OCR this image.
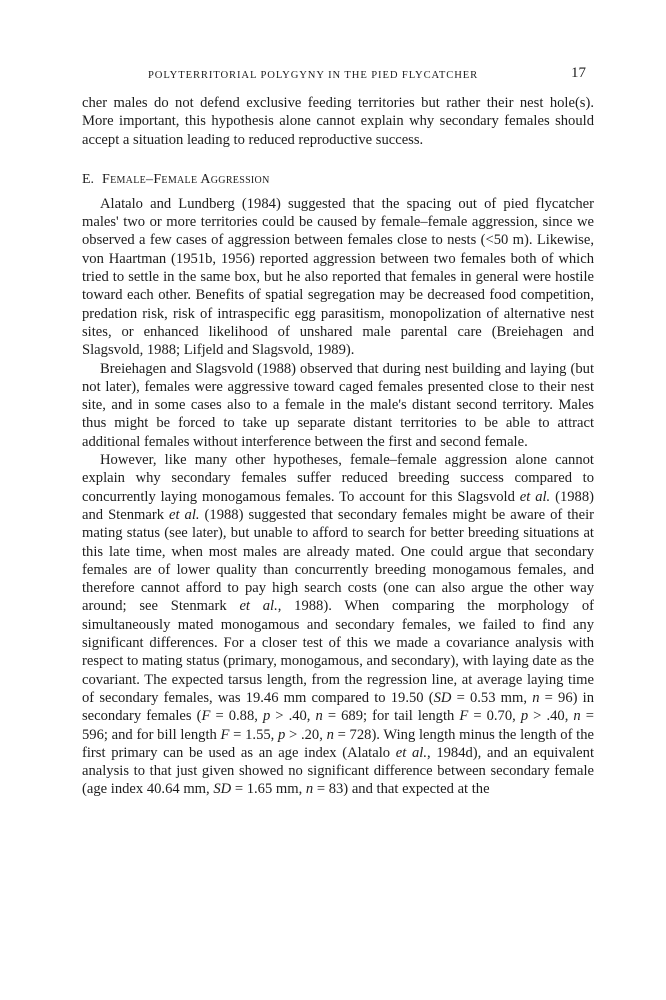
POLYTERRITORIAL POLYGYNY IN THE PIED FLYCATCHER	17

cher males do not defend exclusive feeding territories but rather their nest hole(s). More important, this hypothesis alone cannot explain why secondary females should accept a situation leading to reduced reproductive success.

E. Female–Female Aggression

Alatalo and Lundberg (1984) suggested that the spacing out of pied flycatcher males' two or more territories could be caused by female–female aggression, since we observed a few cases of aggression between females close to nests (<50 m). Likewise, von Haartman (1951b, 1956) reported aggression between two females both of which tried to settle in the same box, but he also reported that females in general were hostile toward each other. Benefits of spatial segregation may be decreased food competition, predation risk, risk of intraspecific egg parasitism, monopolization of alternative nest sites, or enhanced likelihood of unshared male parental care (Breiehagen and Slagsvold, 1988; Lifjeld and Slagsvold, 1989).

Breiehagen and Slagsvold (1988) observed that during nest building and laying (but not later), females were aggressive toward caged females presented close to their nest site, and in some cases also to a female in the male's distant second territory. Males thus might be forced to take up separate distant territories to be able to attract additional females without interference between the first and second female.

However, like many other hypotheses, female–female aggression alone cannot explain why secondary females suffer reduced breeding success compared to concurrently laying monogamous females. To account for this Slagsvold et al. (1988) and Stenmark et al. (1988) suggested that secondary females might be aware of their mating status (see later), but unable to afford to search for better breeding situations at this late time, when most males are already mated. One could argue that secondary females are of lower quality than concurrently breeding monogamous females, and therefore cannot afford to pay high search costs (one can also argue the other way around; see Stenmark et al., 1988). When comparing the morphology of simultaneously mated monogamous and secondary females, we failed to find any significant differences. For a closer test of this we made a covariance analysis with respect to mating status (primary, monogamous, and secondary), with laying date as the covariant. The expected tarsus length, from the regression line, at average laying time of secondary females, was 19.46 mm compared to 19.50 (SD = 0.53 mm, n = 96) in secondary females (F = 0.88, p > .40, n = 689; for tail length F = 0.70, p > .40, n = 596; and for bill length F = 1.55, p > .20, n = 728). Wing length minus the length of the first primary can be used as an age index (Alatalo et al., 1984d), and an equivalent analysis to that just given showed no significant difference between secondary female (age index 40.64 mm, SD = 1.65 mm, n = 83) and that expected at the
